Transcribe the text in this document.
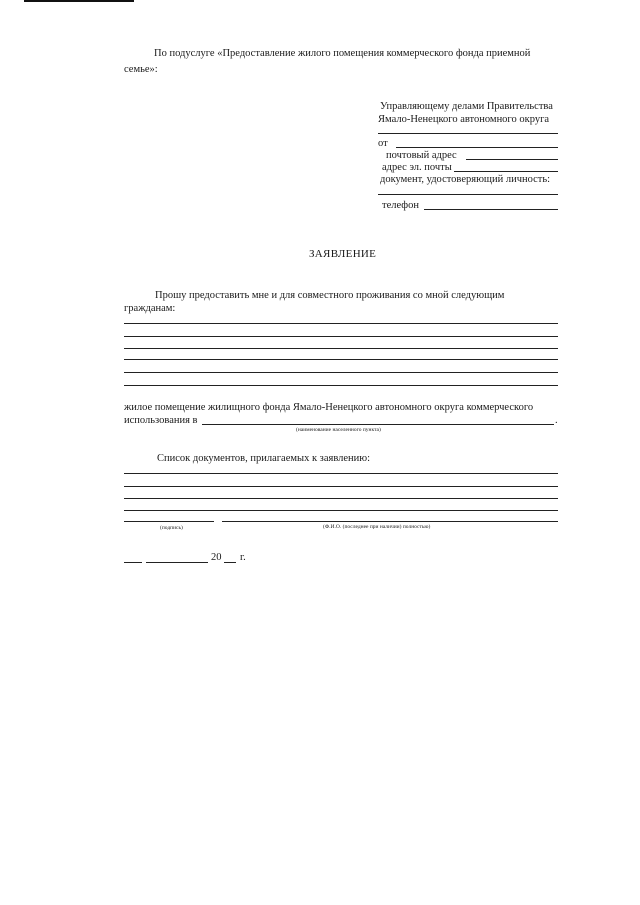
По подуслуге «Предоставление жилого помещения коммерческого фонда приемной
семье»:
Управляющему делами Правительства
Ямало-Ненецкого автономного округа
от
почтовый адрес
адрес эл. почты
документ, удостоверяющий личность:
телефон
ЗАЯВЛЕНИЕ
Прошу предоставить мне и для совместного проживания со мной следующим
гражданам:
жилое помещение жилищного фонда Ямало-Ненецкого автономного округа коммерческого
использования в	.
(наименование населенного пункта)
Список документов, прилагаемых к заявлению:
(подпись)	(Ф.И.О. (последнее при наличии) полностью)
20 г.
